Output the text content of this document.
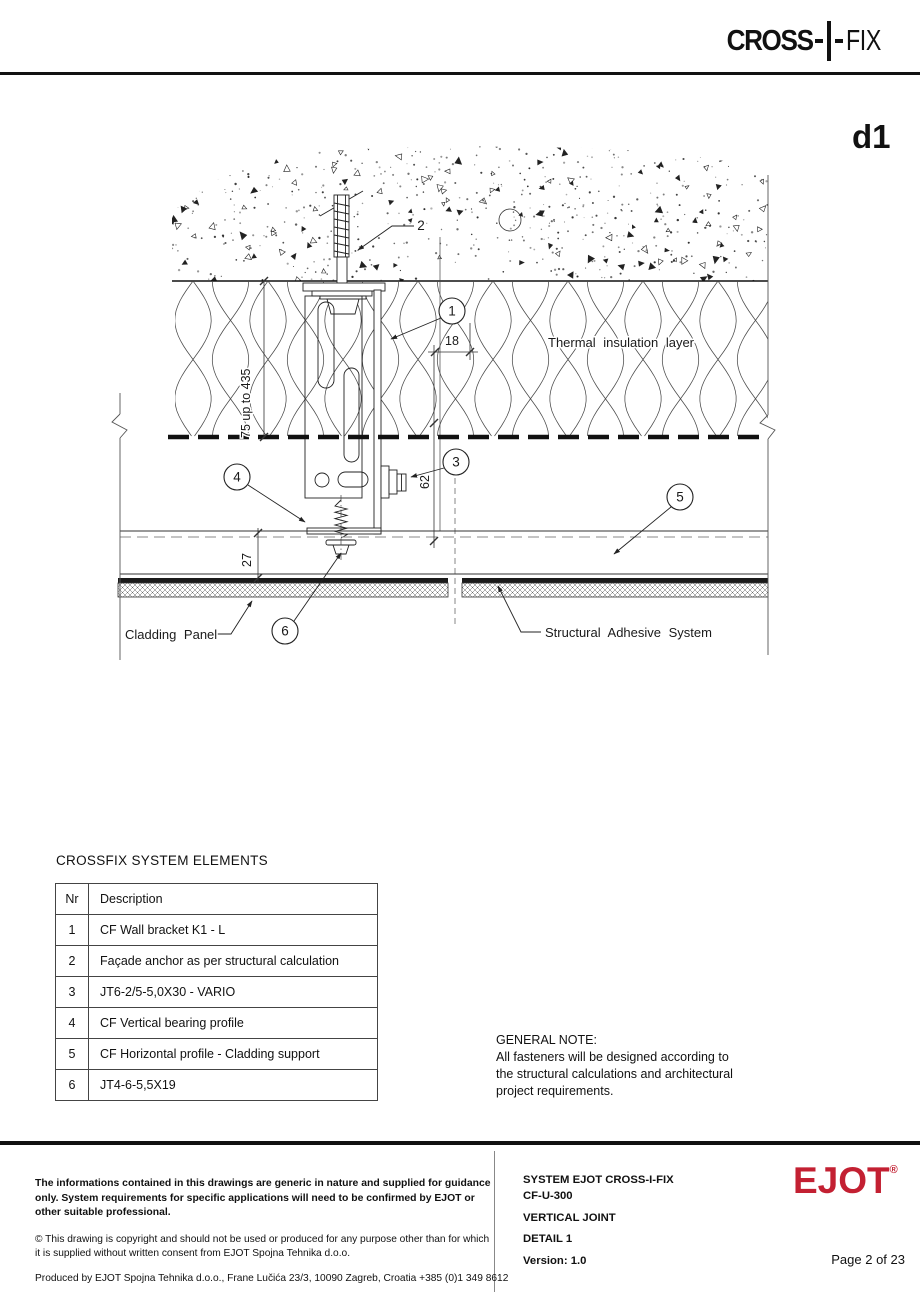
CROSS FIX
d1
18
62
27
75 up to 435
1
2
3
4
5
6
Thermal insulation layer
Cladding Panel	Structural Adhesive System
CROSSFIX SYSTEM ELEMENTS
Nr	Description
1	CF Wall bracket K1 - L
2	Façade anchor as per structural calculation
3	JT6-2/5-5,0X30 - VARIO
4	CF Vertical bearing profile
5	CF Horizontal profile - Cladding support
6	JT4-6-5,5X19
GENERAL NOTE:
All fasteners will be designed according to the structural calculations and architectural project requirements.

The informations contained in this drawings are generic in nature and supplied for guidance only. System requirements for specific applications will need to be confirmed by EJOT or other suitable professional.

© This drawing is copyright and should not be used or produced for any purpose other than for which it is supplied without written consent from EJOT Spojna Tehnika d.o.o.

Produced by EJOT Spojna Tehnika d.o.o., Frane Lučića 23/3, 10090 Zagreb, Croatia +385 (0)1 349 8612

SYSTEM EJOT CROSS-I-FIX
CF-U-300
VERTICAL JOINT
DETAIL 1
Version: 1.0
EJOT®
Page 2 of 23
